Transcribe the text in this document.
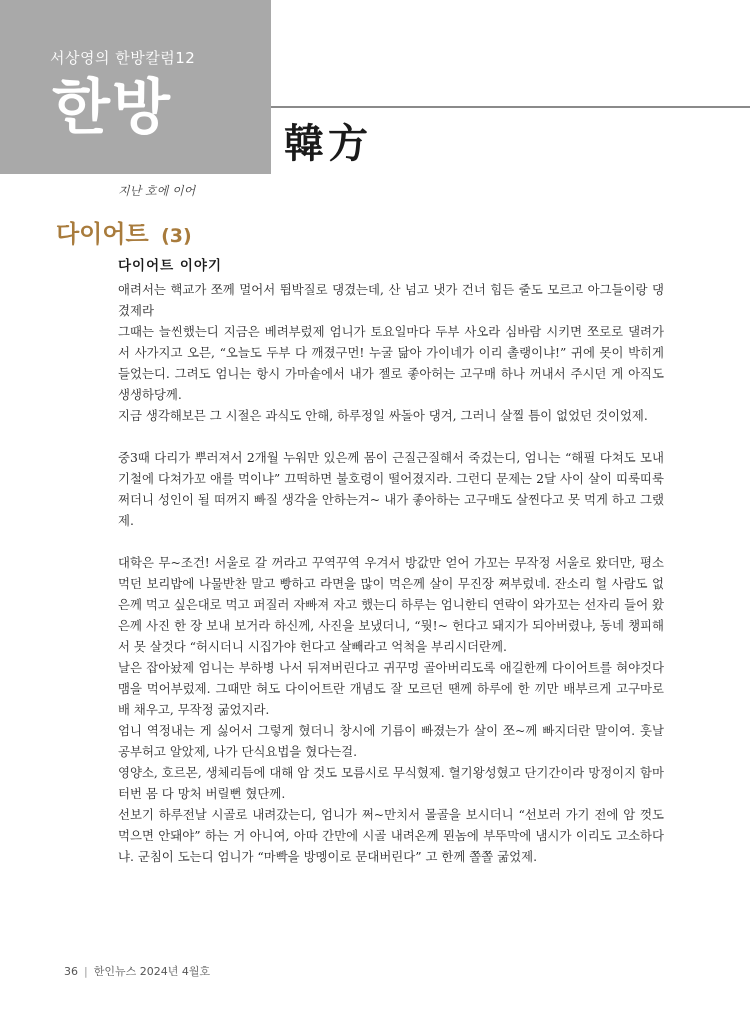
서상영의 한방칼럼12
한방
韓方
지난 호에 이어
다이어트 (3)
다이어트 이야기

애려서는 핵교가 쪼께 멀어서 뜀박질로 댕겼는데, 산 넘고 냇가 건너 힘든 줄도 모르고 아그들이랑 댕겼제라

그때는 늘씬했는디 지금은 베려부렀제 엄니가 토요일마다 두부 사오라 심바람 시키면 쪼로로 댈려가서 사가지고 오믄, “오늘도 두부 다 깨졌구먼! 누굴 닮아 가이네가 이리 촐랭이냐!” 귀에 못이 박히게 들었는디. 그려도 엄니는 항시 가마솥에서 내가 젤로 좋아허는 고구매 하나 꺼내서 주시던 게 아직도 생생하당께.

지금 생각해보믄 그 시절은 과식도 안해, 하루정일 싸돌아 댕겨, 그러니 살찔 틈이 없었던 것이었제.

중3때 다리가 뿌러져서 2개월 누워만 있은께 몸이 근질근질해서 죽겄는디, 엄니는 “해필 다쳐도 모내기철에 다쳐가꼬 애를 먹이냐” 끄떡하면 불호령이 떨어졌지라. 그런디 문제는 2달 사이 살이 띠룩띠룩 쩌더니 성인이 될 떠꺼지 빠질 생각을 안하는겨~ 내가 좋아하는 고구매도 살찐다고 못 먹게 하고 그랬제.

대학은 무~조건! 서울로 갈 꺼라고 꾸역꾸역 우겨서 방값만 얻어 가꼬는 무작정 서울로 왔더만, 평소 먹던 보리밥에 나물반찬 말고 빵하고 라면을 많이 먹은께 살이 무진장 쪄부렀네. 잔소리 헐 사람도 없은께 먹고 싶은대로 먹고 퍼질러 자빠져 자고 했는디 하루는 엄니한티 연락이 와가꼬는 선자리 들어 왔은께 사진 한 장 보내 보거라 하신께, 사진을 보냈더니, “뭣!~ 헌다고 돼지가 되아버렸냐, 동네 챙피해서 못 살것다 “허시더니 시집가야 헌다고 살빼라고 억척을 부리시더란께.

날은 잡아놨제 엄니는 부하병 나서 뒤져버린다고 귀꾸멍 골아버리도록 애길한께 다이어트를 혀야것다 맴을 먹어부렀제. 그때만 혀도 다이어트란 개념도 잘 모르던 땐께 하루에 한 끼만 배부르게 고구마로 배 채우고, 무작정 굶었지라.

엄니 역정내는 게 싫어서 그렇게 혔더니 창시에 기름이 빠졌는가 살이 쪼~께 빠지더란 말이여. 훗날 공부허고 알았제, 나가 단식요법을 혔다는걸.

영양소, 호르몬, 생체리듬에 대해 암 것도 모름시로 무식혔제. 혈기왕성혔고 단기간이라 망정이지 함마터번 몸 다 망처 버릴뻔 혔단께.

선보기 하루전날 시골로 내려갔는디, 엄니가 쩌~만치서 몰골을 보시더니 “선보러 가기 전에 암 껏도 먹으면 안돼야” 하는 거 아니여, 아따 간만에 시골 내려온께 묀놈에 부뚜막에 냄시가 이리도 고소하다냐. 군침이 도는디 엄니가 “마빡을 방멩이로 문대버린다” 고 한께 쫄쫄 굶었제.

36 | 한인뉴스 2024년 4월호
